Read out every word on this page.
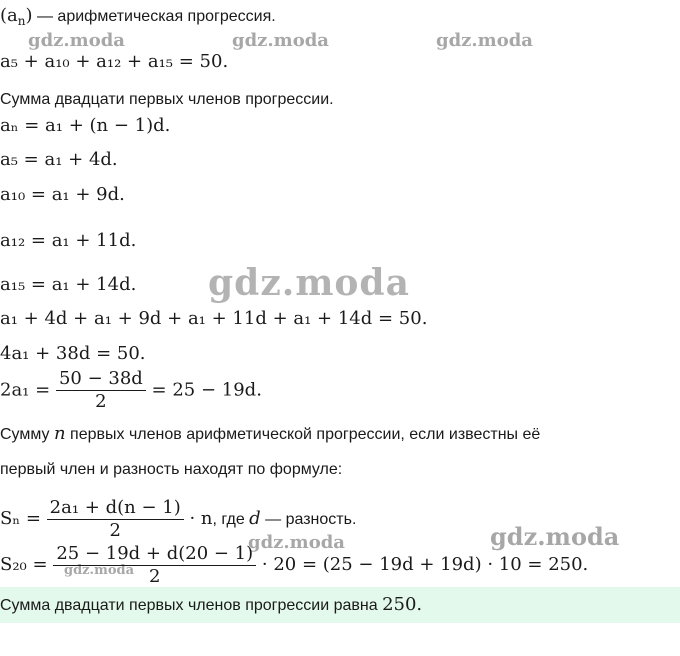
gdz.moda	gdz.moda	gdz.moda
gdz.moda
gdz.moda
gdz.moda
gdz.moda
$(a_n)$ — арифметическая прогрессия.
a₅ + a₁₀ + a₁₂ + a₁₅ = 50.
Сумма двадцати первых членов прогрессии.
aₙ = a₁ + (n − 1)d.
a₅ = a₁ + 4d.
a₁₀ = a₁ + 9d.
a₁₂ = a₁ + 11d.
a₁₅ = a₁ + 14d.
a₁ + 4d + a₁ + 9d + a₁ + 11d + a₁ + 14d = 50.
4a₁ + 38d = 50.
$2a_1 = \frac{50 - 38d}{2} = 25 - 19d$.
Сумму n первых членов арифметической прогрессии, если известны её
первый член и разность находят по формуле:
$S_n = \frac{\text{2a₁ + d(n − 1)}}{2} \cdot n$, где d — разность.
$S_{20} = \frac{25 - 19d + d(20 - 1)}{2} \cdot 20 = (25 - 19d + 19d) \cdot 10 = 250$.
Сумма двадцати первых членов прогрессии равна 250.
